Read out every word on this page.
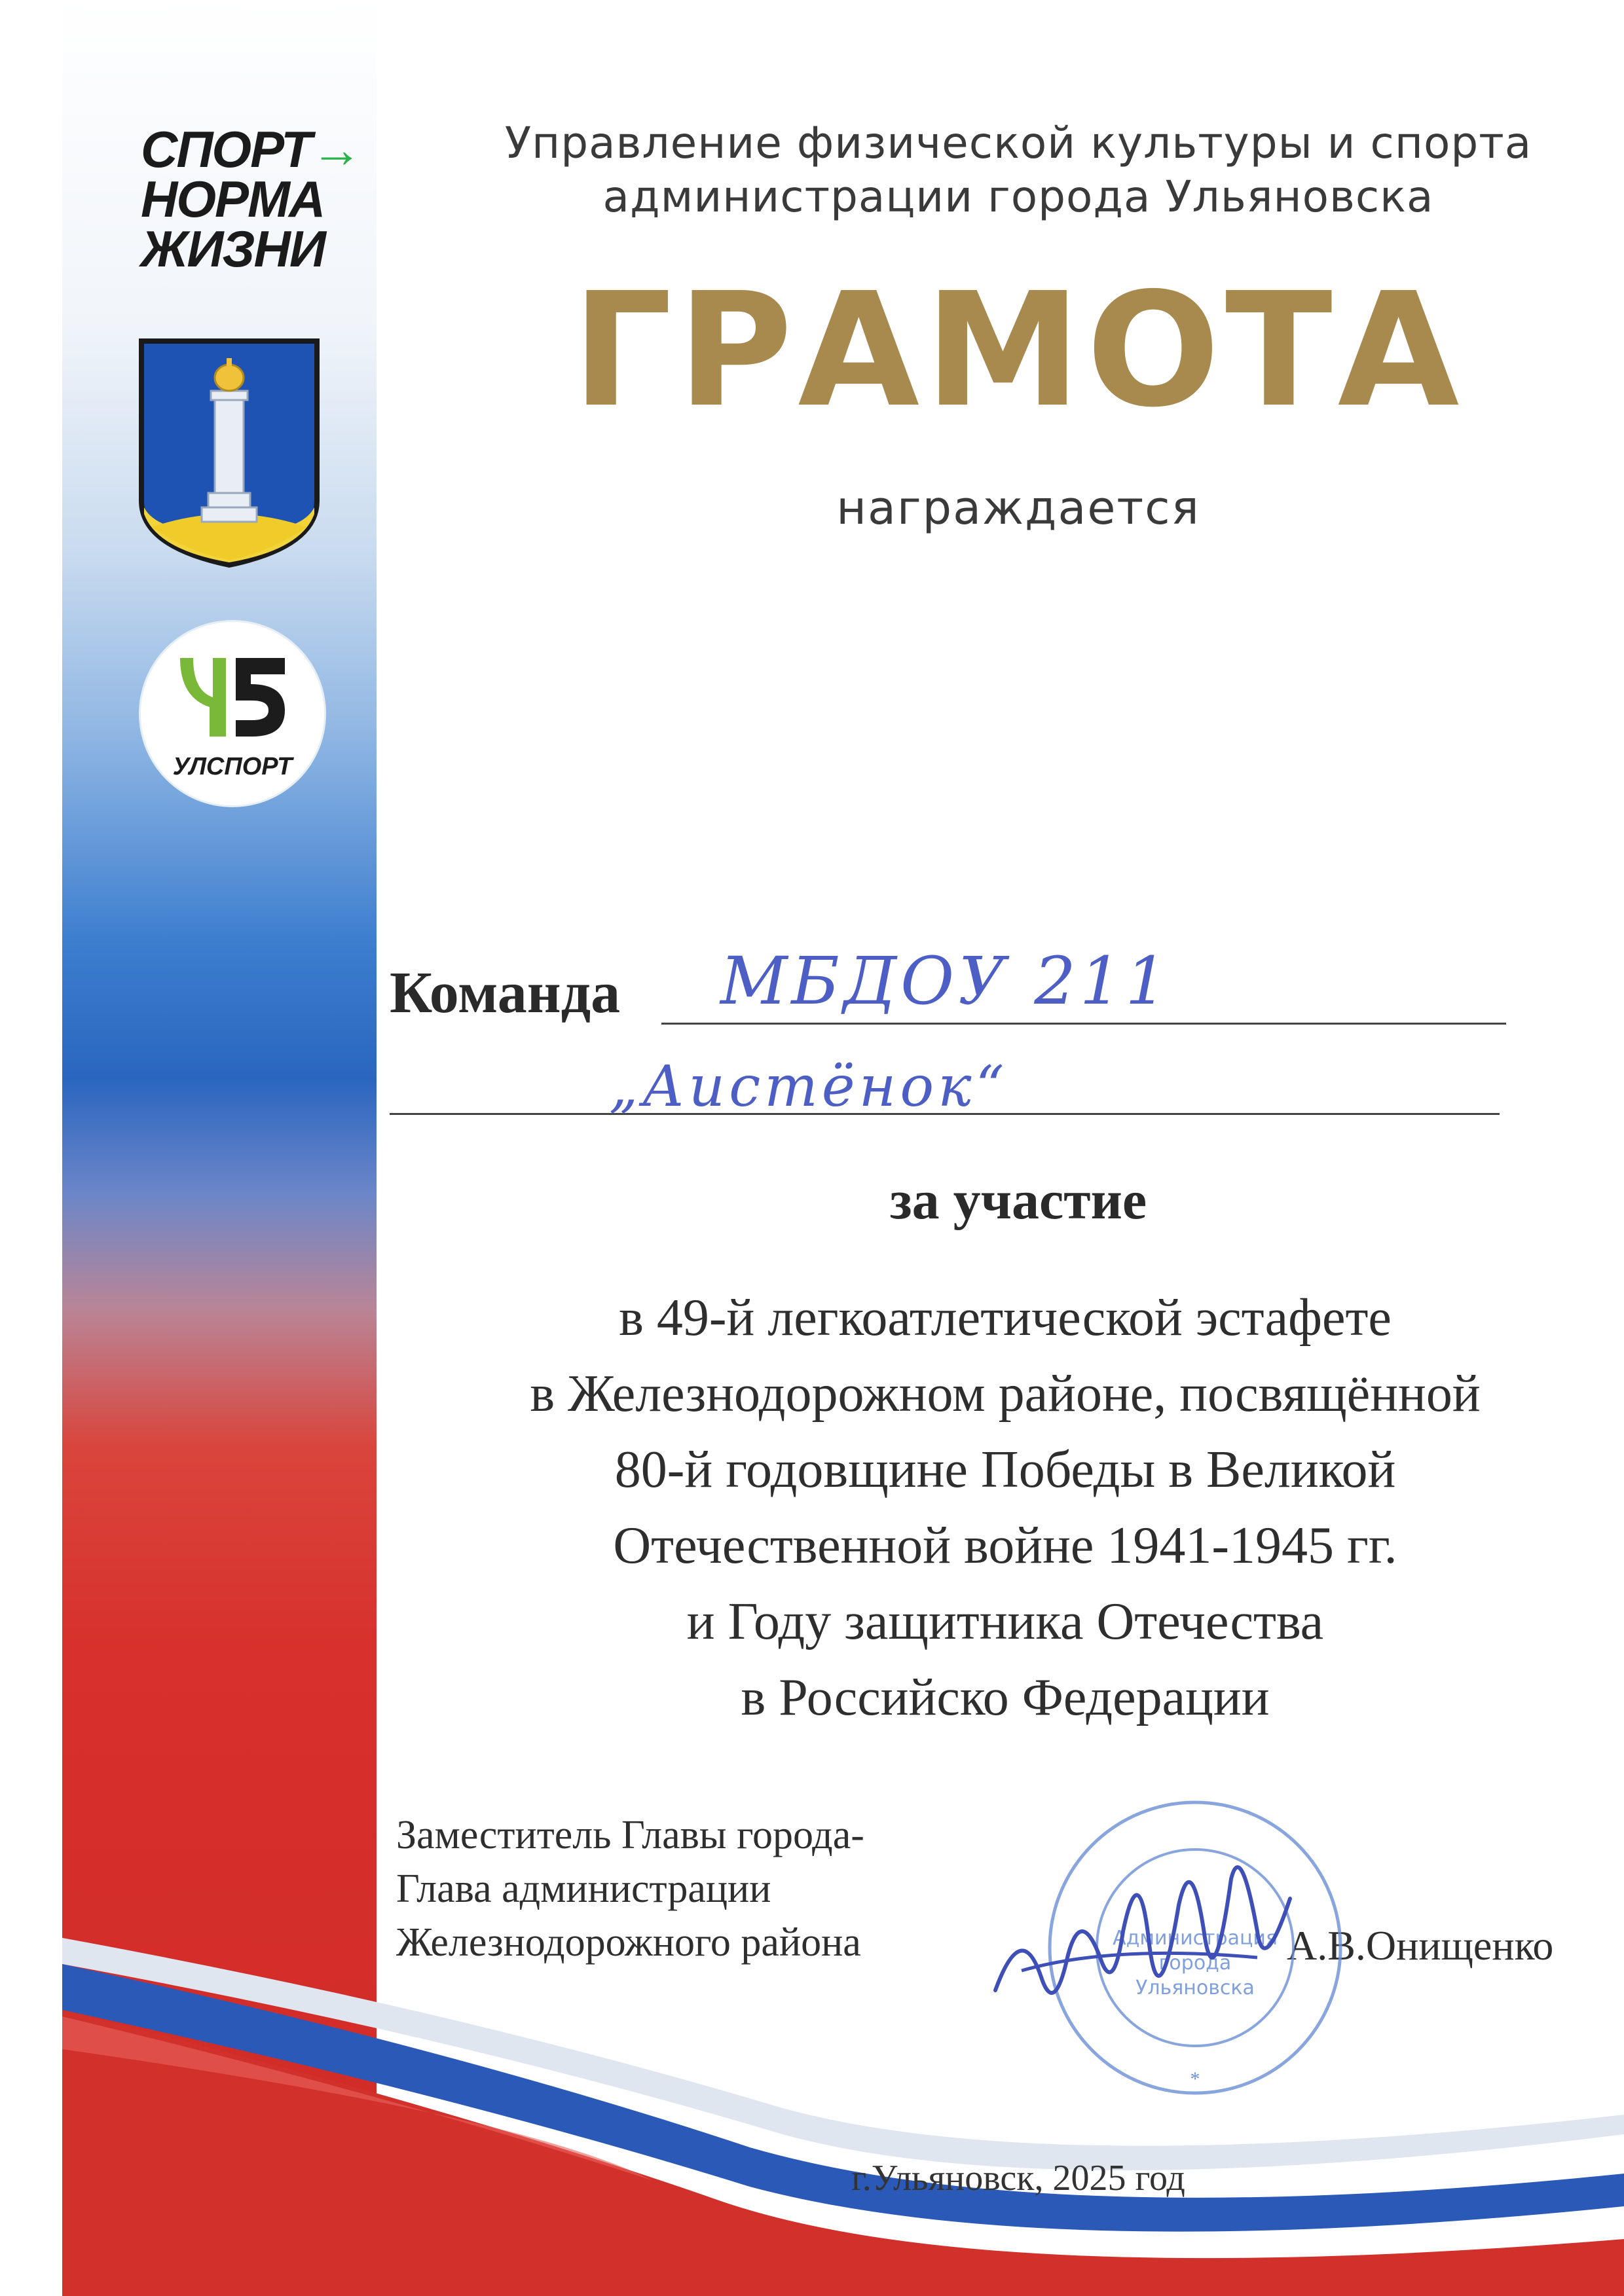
СПОРТ→
НОРМА
ЖИЗНИ
УЛСПОРТ
Управление физической культуры и спорта
администрации города Ульяновска
ГРАМОТА
награждается
Команда МБДОУ 211
„Аистёнок“
за участие
в 49-й легкоатлетической эстафете
в Железнодорожном районе, посвящённой
80-й годовщине Победы в Великой
Отечественной войне 1941-1945 гг.
и Году защитника Отечества
в Российско Федерации
Заместитель Главы города-
Глава администрации
Железнодорожного района	А.В.Онищенко
Администрация
города
Ульяновска
*
г.Ульяновск, 2025 год
